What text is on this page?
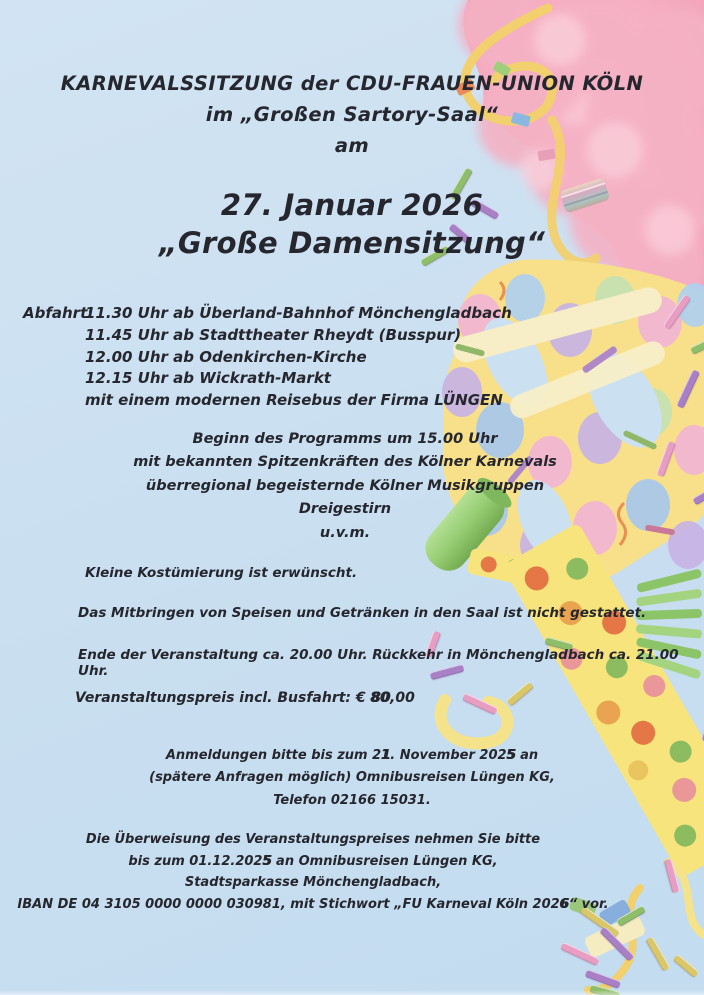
KARNEVALSSITZUNG der CDU-FRAUEN-UNION KÖLN
im „Großen Sartory-Saal“
am
27. Januar 2026
„Große Damensitzung“
Abfahrt:
11.30 Uhr ab Überland-Bahnhof Mönchengladbach
11.45 Uhr ab Stadttheater Rheydt (Busspur)
12.00 Uhr ab Odenkirchen-Kirche
12.15 Uhr ab Wickrath-Markt
mit einem modernen Reisebus der Firma LÜNGEN
Beginn des Programms um 15.00 Uhr
mit bekannten Spitzenkräften des Kölner Karnevals
überregional begeisternde Kölner Musikgruppen
Dreigestirn
u.v.m.
Kleine Kostümierung ist erwünscht.
Das Mitbringen von Speisen und Getränken in den Saal ist nicht gestattet.
Ende der Veranstaltung ca. 20.00 Uhr. Rückkehr in Mönchengladbach ca. 21.00 Uhr.
Veranstaltungspreis incl. Busfahrt: € 80,00
Anmeldungen bitte bis zum 21. November 2025 an
(spätere Anfragen möglich) Omnibusreisen Lüngen KG,
Telefon 02166 15031.
Die Überweisung des Veranstaltungspreises nehmen Sie bitte
bis zum 01.12.2025 an Omnibusreisen Lüngen KG,
Stadtsparkasse Mönchengladbach,
IBAN DE 04 3105 0000 0000 030981, mit Stichwort „FU Karneval Köln 2026“ vor.
